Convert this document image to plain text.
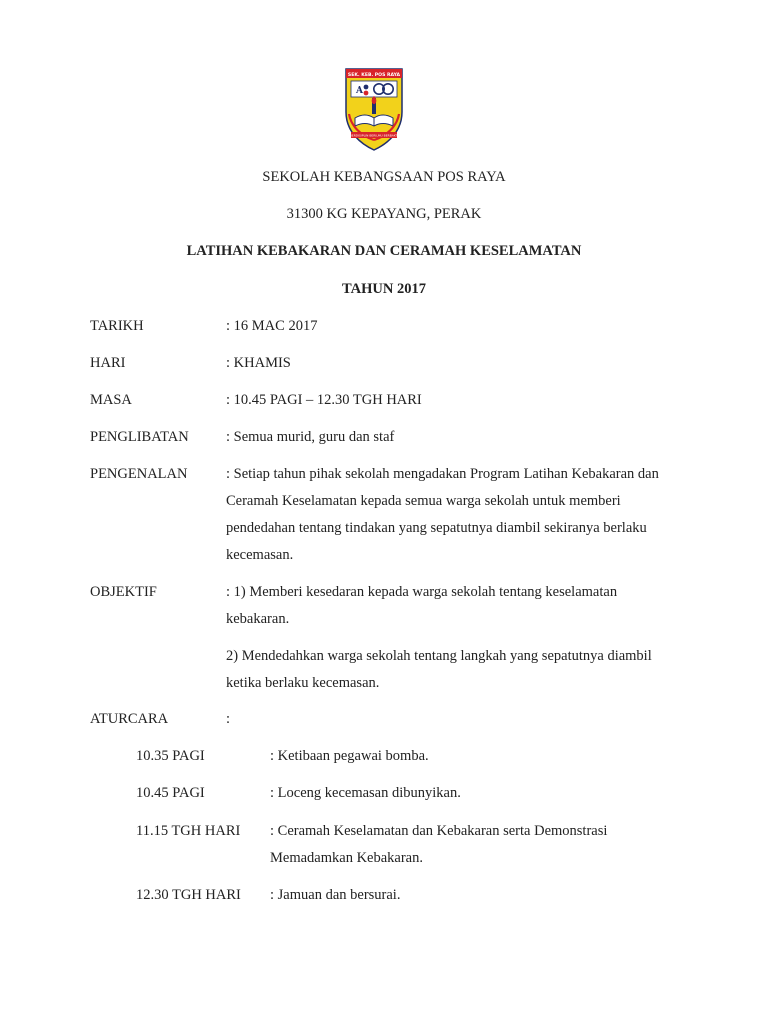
SEK. KEB. POS RAYA
A
BERDISIPLIN BERILMU BERBAKTI
SEKOLAH KEBANGSAAN POS RAYA
31300 KG KEPAYANG, PERAK
LATIHAN KEBAKARAN DAN CERAMAH KESELAMATAN
TAHUN 2017
TARIKH	: 16 MAC 2017
HARI	: KHAMIS
MASA	: 10.45 PAGI – 12.30 TGH HARI
PENGLIBATAN	: Semua murid, guru dan staf
PENGENALAN	: Setiap tahun pihak sekolah mengadakan Program Latihan Kebakaran dan
Ceramah Keselamatan kepada semua warga sekolah untuk memberi
pendedahan tentang tindakan yang sepatutnya diambil sekiranya berlaku
kecemasan.
OBJEKTIF	: 1) Memberi kesedaran kepada warga sekolah tentang keselamatan
kebakaran.
2) Mendedahkan warga sekolah tentang langkah yang sepatutnya diambil
ketika berlaku kecemasan.
ATURCARA	:
10.35 PAGI	: Ketibaan pegawai bomba.
10.45 PAGI	: Loceng kecemasan dibunyikan.
11.15 TGH HARI : Ceramah Keselamatan dan Kebakaran serta Demonstrasi
Memadamkan Kebakaran.
12.30 TGH HARI : Jamuan dan bersurai.
